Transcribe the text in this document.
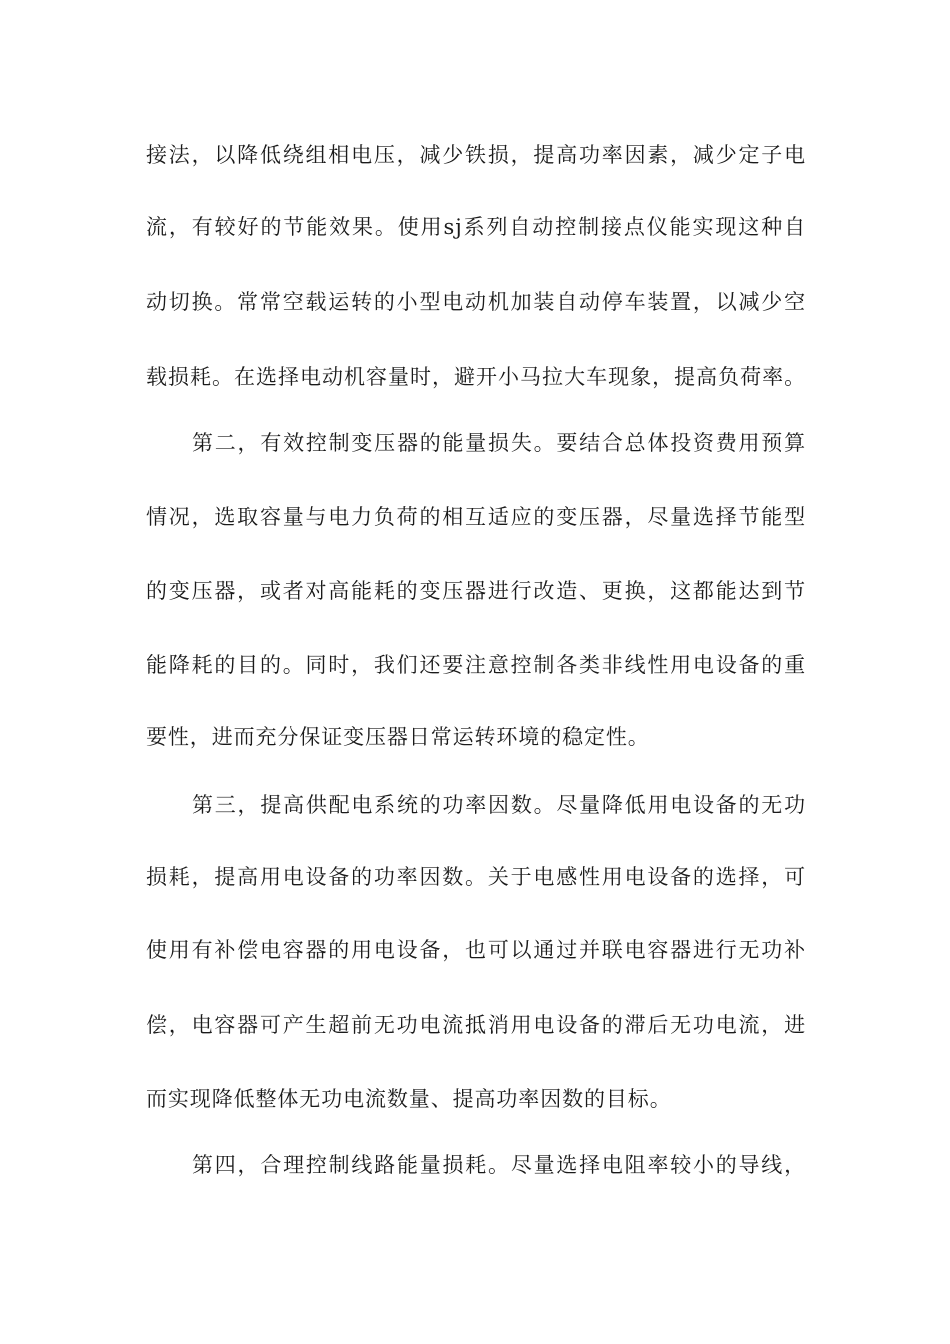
接法，以降低绕组相电压，减少铁损，提高功率因素，减少定子电
流，有较好的节能效果。使用sj系列自动控制接点仪能实现这种自
动切换。常常空载运转的小型电动机加装自动停车装置，以减少空
载损耗。在选择电动机容量时，避开小马拉大车现象，提高负荷率。
第二，有效控制变压器的能量损失。要结合总体投资费用预算
情况，选取容量与电力负荷的相互适应的变压器，尽量选择节能型
的变压器，或者对高能耗的变压器进行改造、更换，这都能达到节
能降耗的目的。同时，我们还要注意控制各类非线性用电设备的重
要性，进而充分保证变压器日常运转环境的稳定性。
第三，提高供配电系统的功率因数。尽量降低用电设备的无功
损耗，提高用电设备的功率因数。关于电感性用电设备的选择，可
使用有补偿电容器的用电设备，也可以通过并联电容器进行无功补
偿，电容器可产生超前无功电流抵消用电设备的滞后无功电流，进
而实现降低整体无功电流数量、提高功率因数的目标。
第四，合理控制线路能量损耗。尽量选择电阻率较小的导线，
